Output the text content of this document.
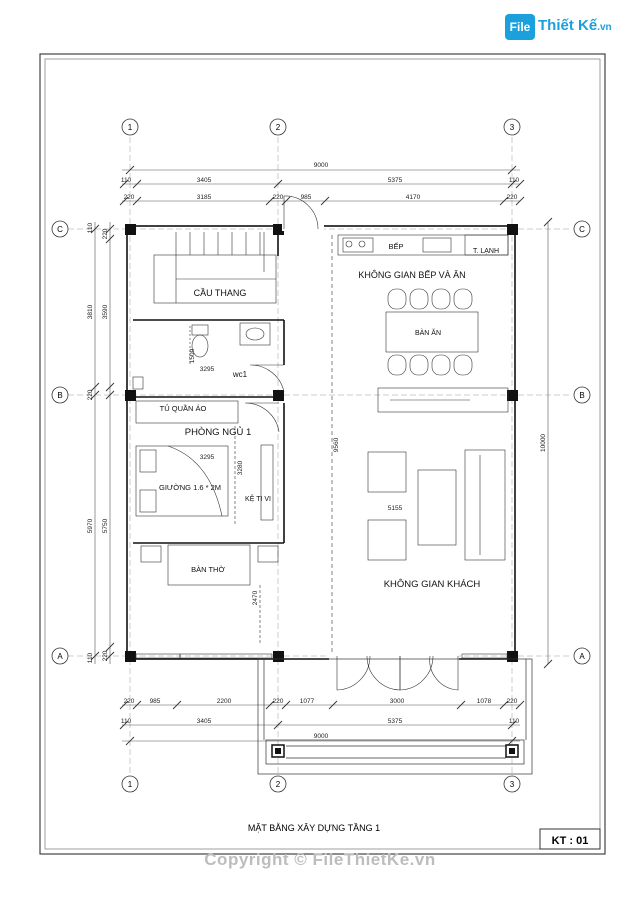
File Thiết Kế.vn
KT : 01
MẶT BẰNG XÂY DỰNG TẦNG 1
1	2	3
1	2	3
C
B
A
C
B
A
9000
110	3405	5375	110
220	3185	220	985	4170	220
220 985	2200	220	1077	3000	1078 220
110	3405	5375	110
9000
110
3810
220
5970
110
220
3590
5750
220
10000
BẾP
T. LẠNH
KHÔNG GIAN BẾP VÀ ĂN
CẦU THANG
BÀN ĂN
wc1
TỦ QUẦN ÁO
PHÒNG NGỦ 1
GIƯỜNG 1.6 * 2M
KỆ TI VI
BÀN THỜ
KHÔNG GIAN KHÁCH
3295
1500
3295
3280
9560
5155
2470
Copyright © FileThietKe.vn
